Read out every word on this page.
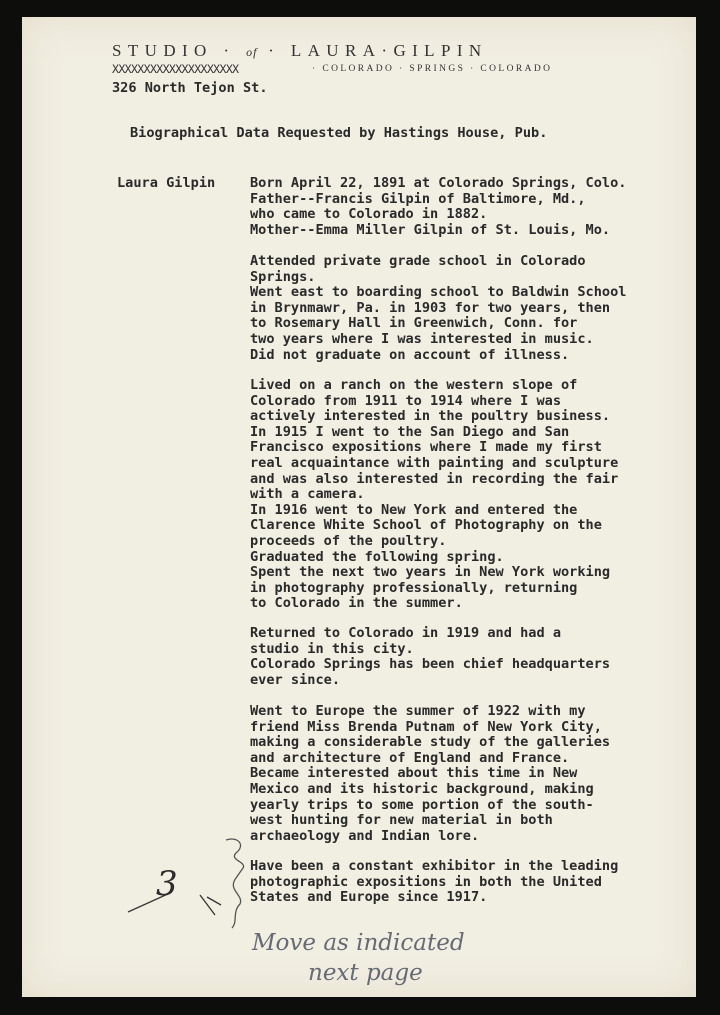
STUDIO · of · LAURA·GILPIN
XXXXXXXXXXXXXXXXXXXX	· COLORADO · SPRINGS · COLORADO
326 North Tejon St.
Biographical Data Requested by Hastings House, Pub.
Laura Gilpin	Born April 22, 1891 at Colorado Springs, Colo.
Father--Francis Gilpin of Baltimore, Md.,
who came to Colorado in 1882.
Mother--Emma Miller Gilpin of St. Louis, Mo.
Attended private grade school in Colorado
Springs.
Went east to boarding school to Baldwin School
in Brynmawr, Pa. in 1903 for two years, then
to Rosemary Hall in Greenwich, Conn. for
two years where I was interested in music.
Did not graduate on account of illness.
Lived on a ranch on the western slope of
Colorado from 1911 to 1914 where I was
actively interested in the poultry business.
In 1915 I went to the San Diego and San
Francisco expositions where I made my first
real acquaintance with painting and sculpture
and was also interested in recording the fair
with a camera.
In 1916 went to New York and entered the
Clarence White School of Photography on the
proceeds of the poultry.
Graduated the following spring.
Spent the next two years in New York working
in photography professionally, returning
to Colorado in the summer.
Returned to Colorado in 1919 and had a
studio in this city.
Colorado Springs has been chief headquarters
ever since.
Went to Europe the summer of 1922 with my
friend Miss Brenda Putnam of New York City,
making a considerable study of the galleries
and architecture of England and France.
Became interested about this time in New
Mexico and its historic background, making
yearly trips to some portion of the south-
west hunting for new material in both
archaeology and Indian lore.
Have been a constant exhibitor in the leading
photographic expositions in both the United
States and Europe since 1917.
3
Move as indicated
next page
